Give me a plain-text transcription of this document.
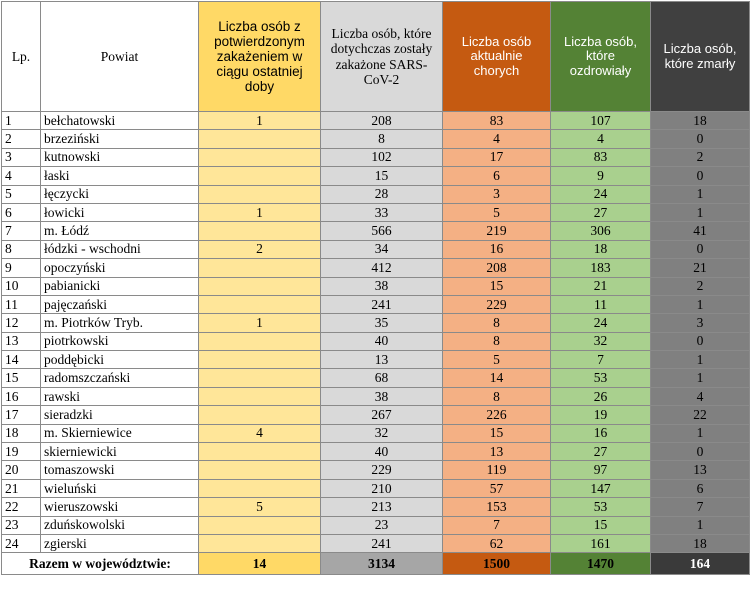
Lp.	Powiat	Liczba osób z potwierdzonym zakażeniem w ciągu ostatniej doby	Liczba osób, które dotychczas zostały zakażone SARS-CoV-2	Liczba osób aktualnie chorych	Liczba osób, które ozdrowiały	Liczba osób, które zmarły
1	bełchatowski	1	208	83	107	18
2	brzeziński		8	4	4	0
3	kutnowski		102	17	83	2
4	łaski		15	6	9	0
5	łęczycki		28	3	24	1
6	łowicki	1	33	5	27	1
7	m. Łódź		566	219	306	41
8	łódzki - wschodni	2	34	16	18	0
9	opoczyński		412	208	183	21
10	pabianicki		38	15	21	2
11	pajęczański		241	229	11	1
12	m. Piotrków Tryb.	1	35	8	24	3
13	piotrkowski		40	8	32	0
14	poddębicki		13	5	7	1
15	radomszczański		68	14	53	1
16	rawski		38	8	26	4
17	sieradzki		267	226	19	22
18	m. Skierniewice	4	32	15	16	1
19	skierniewicki		40	13	27	0
20	tomaszowski		229	119	97	13
21	wieluński		210	57	147	6
22	wieruszowski	5	213	153	53	7
23	zduńskowolski		23	7	15	1
24	zgierski		241	62	161	18
Razem w województwie:		14	3134	1500	1470	164
